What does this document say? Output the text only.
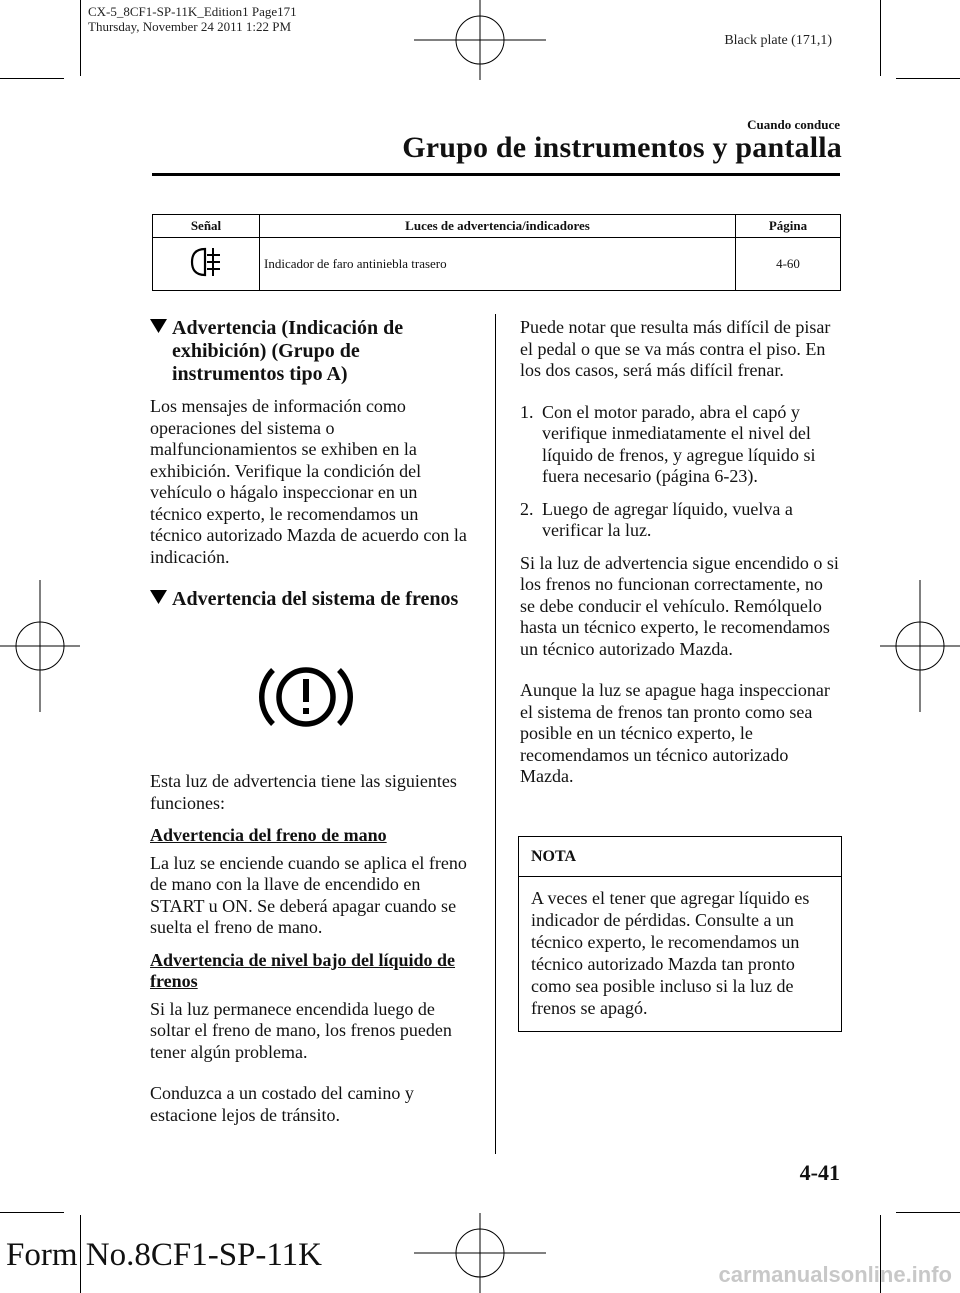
CX-5_8CF1-SP-11K_Edition1 Page171
Thursday, November 24 2011 1:22 PM
Black plate (171,1)
Cuando conduce
Grupo de instrumentos y pantalla
Señal	Luces de advertencia/indicadores	Página
	Indicador de faro antiniebla trasero	4-60
Advertencia (Indicación de exhibición) (Grupo de instrumentos tipo A)

Los mensajes de información como operaciones del sistema o malfuncionamientos se exhiben en la exhibición. Verifique la condición del vehículo o hágalo inspeccionar en un técnico experto, le recomendamos un técnico autorizado Mazda de acuerdo con la indicación.

Advertencia del sistema de frenos

Esta luz de advertencia tiene las siguientes funciones:

Advertencia del freno de mano

La luz se enciende cuando se aplica el freno de mano con la llave de encendido en START u ON. Se deberá apagar cuando se suelta el freno de mano.

Advertencia de nivel bajo del líquido de frenos

Si la luz permanece encendida luego de soltar el freno de mano, los frenos pueden tener algún problema.

Conduzca a un costado del camino y estacione lejos de tránsito.

Puede notar que resulta más difícil de pisar el pedal o que se va más contra el piso. En los dos casos, será más difícil frenar.

1. Con el motor parado, abra el capó y verifique inmediatamente el nivel del líquido de frenos, y agregue líquido si fuera necesario (página 6-23).
2. Luego de agregar líquido, vuelva a verificar la luz.

Si la luz de advertencia sigue encendido o si los frenos no funcionan correctamente, no se debe conducir el vehículo. Remólquelo hasta un técnico experto, le recomendamos un técnico autorizado Mazda.

Aunque la luz se apague haga inspeccionar el sistema de frenos tan pronto como sea posible en un técnico experto, le recomendamos un técnico autorizado Mazda.

NOTA
A veces el tener que agregar líquido es indicador de pérdidas. Consulte a un técnico experto, le recomendamos un técnico autorizado Mazda tan pronto como sea posible incluso si la luz de frenos se apagó.
4-41
Form No.8CF1-SP-11K
carmanualsonline.info
